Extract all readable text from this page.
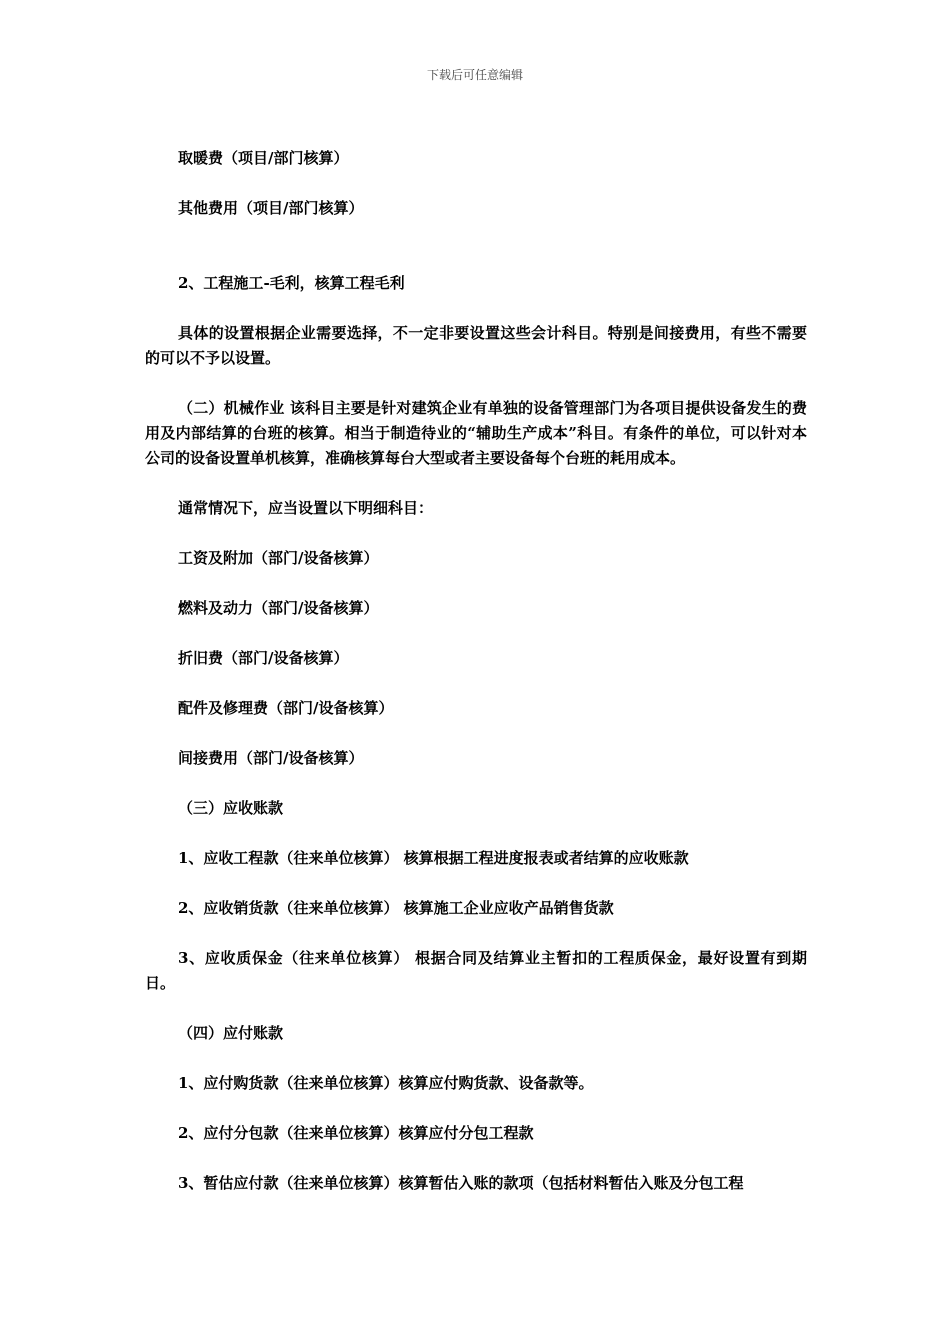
下载后可任意编辑

取暖费（项目/部门核算）

其他费用（项目/部门核算）

2、工程施工-毛利，核算工程毛利

具体的设置根据企业需要选择，不一定非要设置这些会计科目。特别是间接费用，有些不需要的可以不予以设置。

（二）机械作业 该科目主要是针对建筑企业有单独的设备管理部门为各项目提供设备发生的费用及内部结算的台班的核算。相当于制造待业的“辅助生产成本”科目。有条件的单位，可以针对本公司的设备设置单机核算，准确核算每台大型或者主要设备每个台班的耗用成本。

通常情况下，应当设置以下明细科目：

工资及附加（部门/设备核算）

燃料及动力（部门/设备核算）

折旧费（部门/设备核算）

配件及修理费（部门/设备核算）

间接费用（部门/设备核算）

（三）应收账款

1、应收工程款（往来单位核算） 核算根据工程进度报表或者结算的应收账款

2、应收销货款（往来单位核算） 核算施工企业应收产品销售货款

3、应收质保金（往来单位核算） 根据合同及结算业主暂扣的工程质保金，最好设置有到期日。

（四）应付账款

1、应付购货款（往来单位核算）核算应付购货款、设备款等。

2、应付分包款（往来单位核算）核算应付分包工程款

3、暂估应付款（往来单位核算）核算暂估入账的款项（包括材料暂估入账及分包工程
